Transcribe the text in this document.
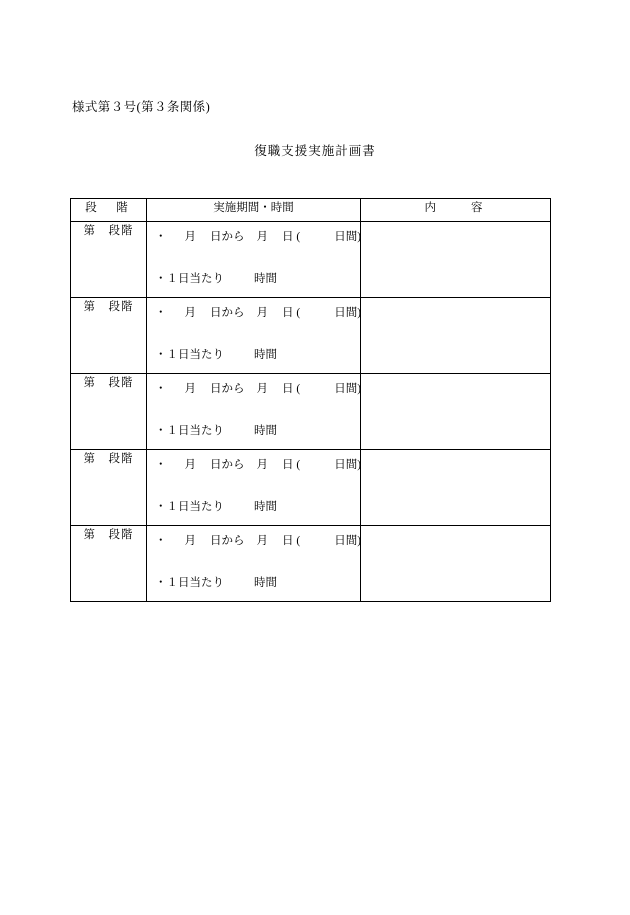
様式第３号(第３条関係)
復職支援実施計画書
段　階	実施期間・時間	内　　容
第　段階	・ 月 日から 月 日 ( 日間)
・１日当たり 時間	

第　段階	・ 月 日から 月 日 ( 日間)
・１日当たり 時間	

第　段階	・ 月 日から 月 日 ( 日間)
・１日当たり 時間	

第　段階	・ 月 日から 月 日 ( 日間)
・１日当たり 時間	

第　段階	・ 月 日から 月 日 ( 日間)
・１日当たり 時間	
